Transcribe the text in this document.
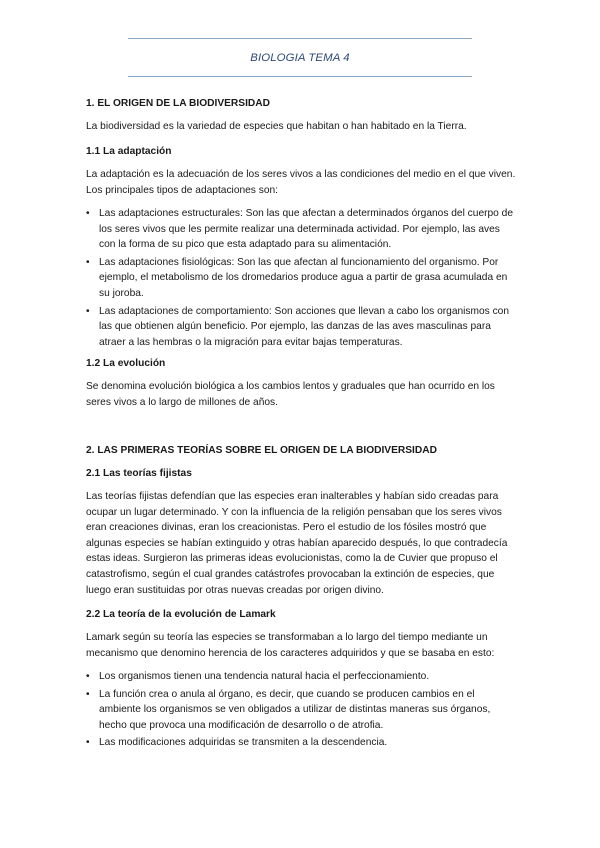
BIOLOGIA TEMA 4
1. EL ORIGEN DE LA BIODIVERSIDAD

La biodiversidad es la variedad de especies que habitan o han habitado en la Tierra.

1.1 La adaptación

La adaptación es la adecuación de los seres vivos a las condiciones del medio en el que viven. Los principales tipos de adaptaciones son:

• Las adaptaciones estructurales: Son las que afectan a determinados órganos del cuerpo de los seres vivos que les permite realizar una determinada actividad. Por ejemplo, las aves con la forma de su pico que esta adaptado para su alimentación.
• Las adaptaciones fisiológicas: Son las que afectan al funcionamiento del organismo. Por ejemplo, el metabolismo de los dromedarios produce agua a partir de grasa acumulada en su joroba.
• Las adaptaciones de comportamiento: Son acciones que llevan a cabo los organismos con las que obtienen algún beneficio. Por ejemplo, las danzas de las aves masculinas para atraer a las hembras o la migración para evitar bajas temperaturas.
1.2 La evolución

Se denomina evolución biológica a los cambios lentos y graduales que han ocurrido en los seres vivos a lo largo de millones de años.

2. LAS PRIMERAS TEORÍAS SOBRE EL ORIGEN DE LA BIODIVERSIDAD
2.1 Las teorías fijistas

Las teorías fijistas defendían que las especies eran inalterables y habían sido creadas para ocupar un lugar determinado. Y con la influencia de la religión pensaban que los seres vivos eran creaciones divinas, eran los creacionistas. Pero el estudio de los fósiles mostró que algunas especies se habían extinguido y otras habían aparecido después, lo que contradecía estas ideas. Surgieron las primeras ideas evolucionistas, como la de Cuvier que propuso el catastrofismo, según el cual grandes catástrofes provocaban la extinción de especies, que luego eran sustituidas por otras nuevas creadas por origen divino.

2.2 La teoría de la evolución de Lamark

Lamark según su teoría las especies se transformaban a lo largo del tiempo mediante un mecanismo que denomino herencia de los caracteres adquiridos y que se basaba en esto:

• Los organismos tienen una tendencia natural hacia el perfeccionamiento.
• La función crea o anula al órgano, es decir, que cuando se producen cambios en el ambiente los organismos se ven obligados a utilizar de distintas maneras sus órganos, hecho que provoca una modificación de desarrollo o de atrofia.
• Las modificaciones adquiridas se transmiten a la descendencia.
